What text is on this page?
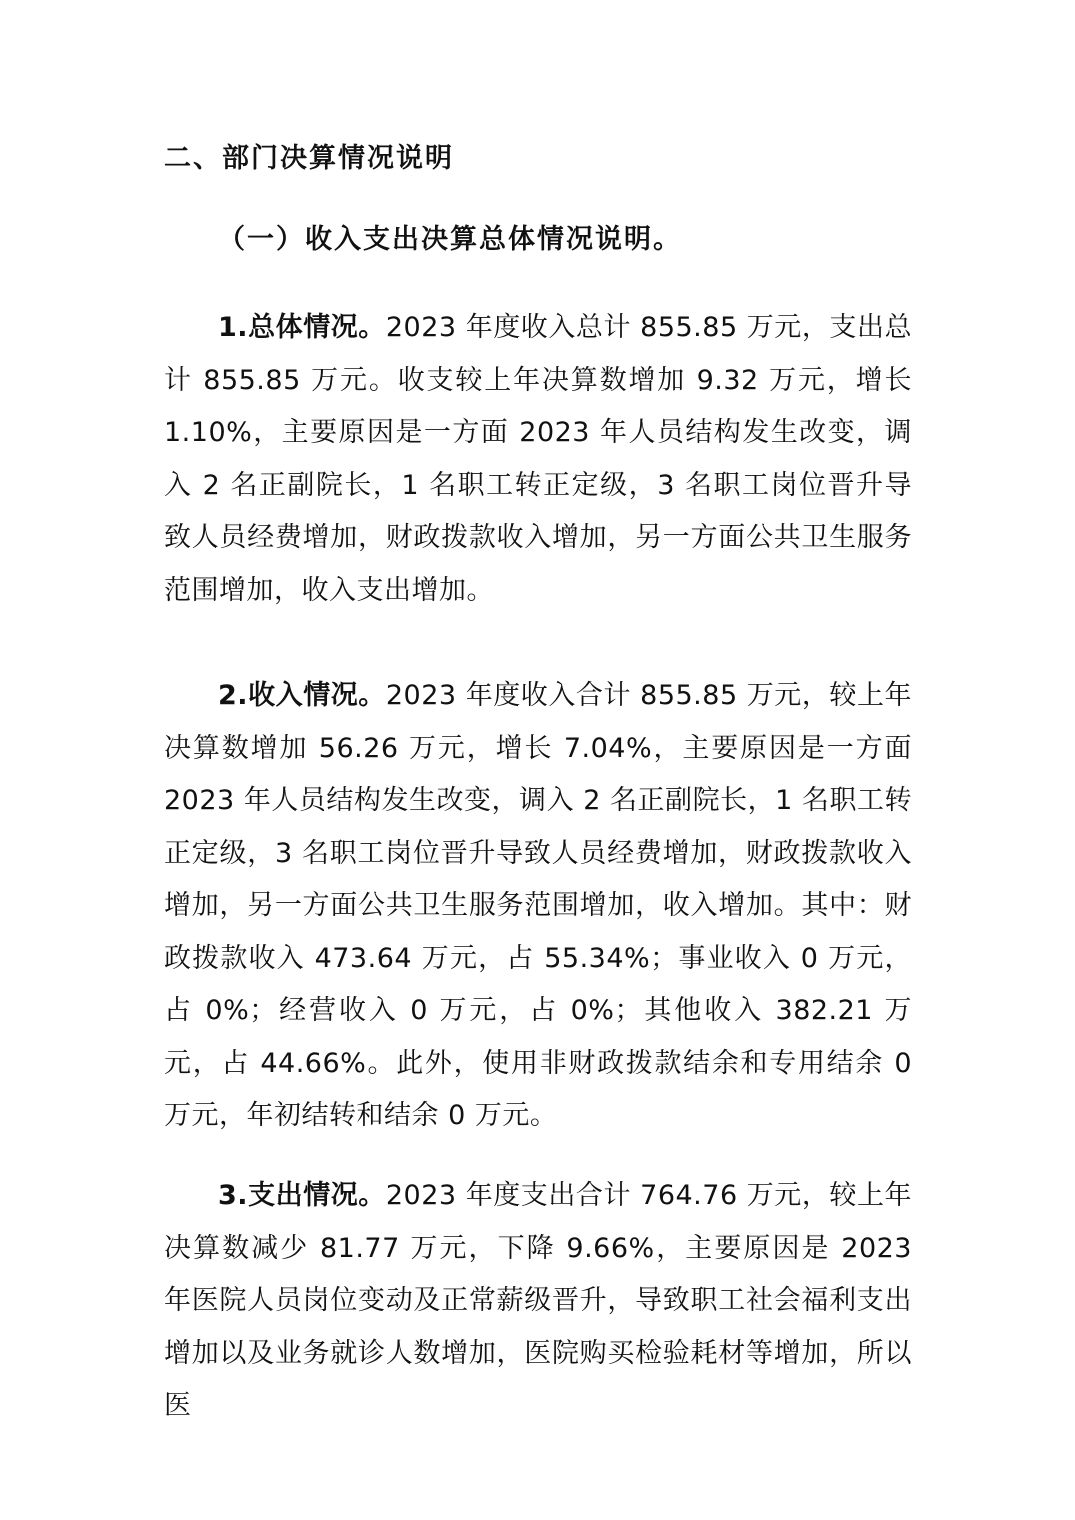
二、部门决算情况说明
（一）收入支出决算总体情况说明。

1.总体情况。2023 年度收入总计 855.85 万元，支出总计 855.85 万元。收支较上年决算数增加 9.32 万元，增长 1.10%，主要原因是一方面 2023 年人员结构发生改变，调入 2 名正副院长，1 名职工转正定级，3 名职工岗位晋升导致人员经费增加，财政拨款收入增加，另一方面公共卫生服务范围增加，收入支出增加。

2.收入情况。2023 年度收入合计 855.85 万元，较上年决算数增加 56.26 万元，增长 7.04%，主要原因是一方面 2023 年人员结构发生改变，调入 2 名正副院长，1 名职工转正定级，3 名职工岗位晋升导致人员经费增加，财政拨款收入增加，另一方面公共卫生服务范围增加，收入增加。其中：财政拨款收入 473.64 万元，占 55.34%；事业收入 0 万元，占 0%；经营收入 0 万元，占 0%；其他收入 382.21 万元，占 44.66%。此外，使用非财政拨款结余和专用结余 0 万元，年初结转和结余 0 万元。

3.支出情况。2023 年度支出合计 764.76 万元，较上年决算数减少 81.77 万元，下降 9.66%，主要原因是 2023 年医院人员岗位变动及正常薪级晋升，导致职工社会福利支出增加以及业务就诊人数增加，医院购买检验耗材等增加，所以医
